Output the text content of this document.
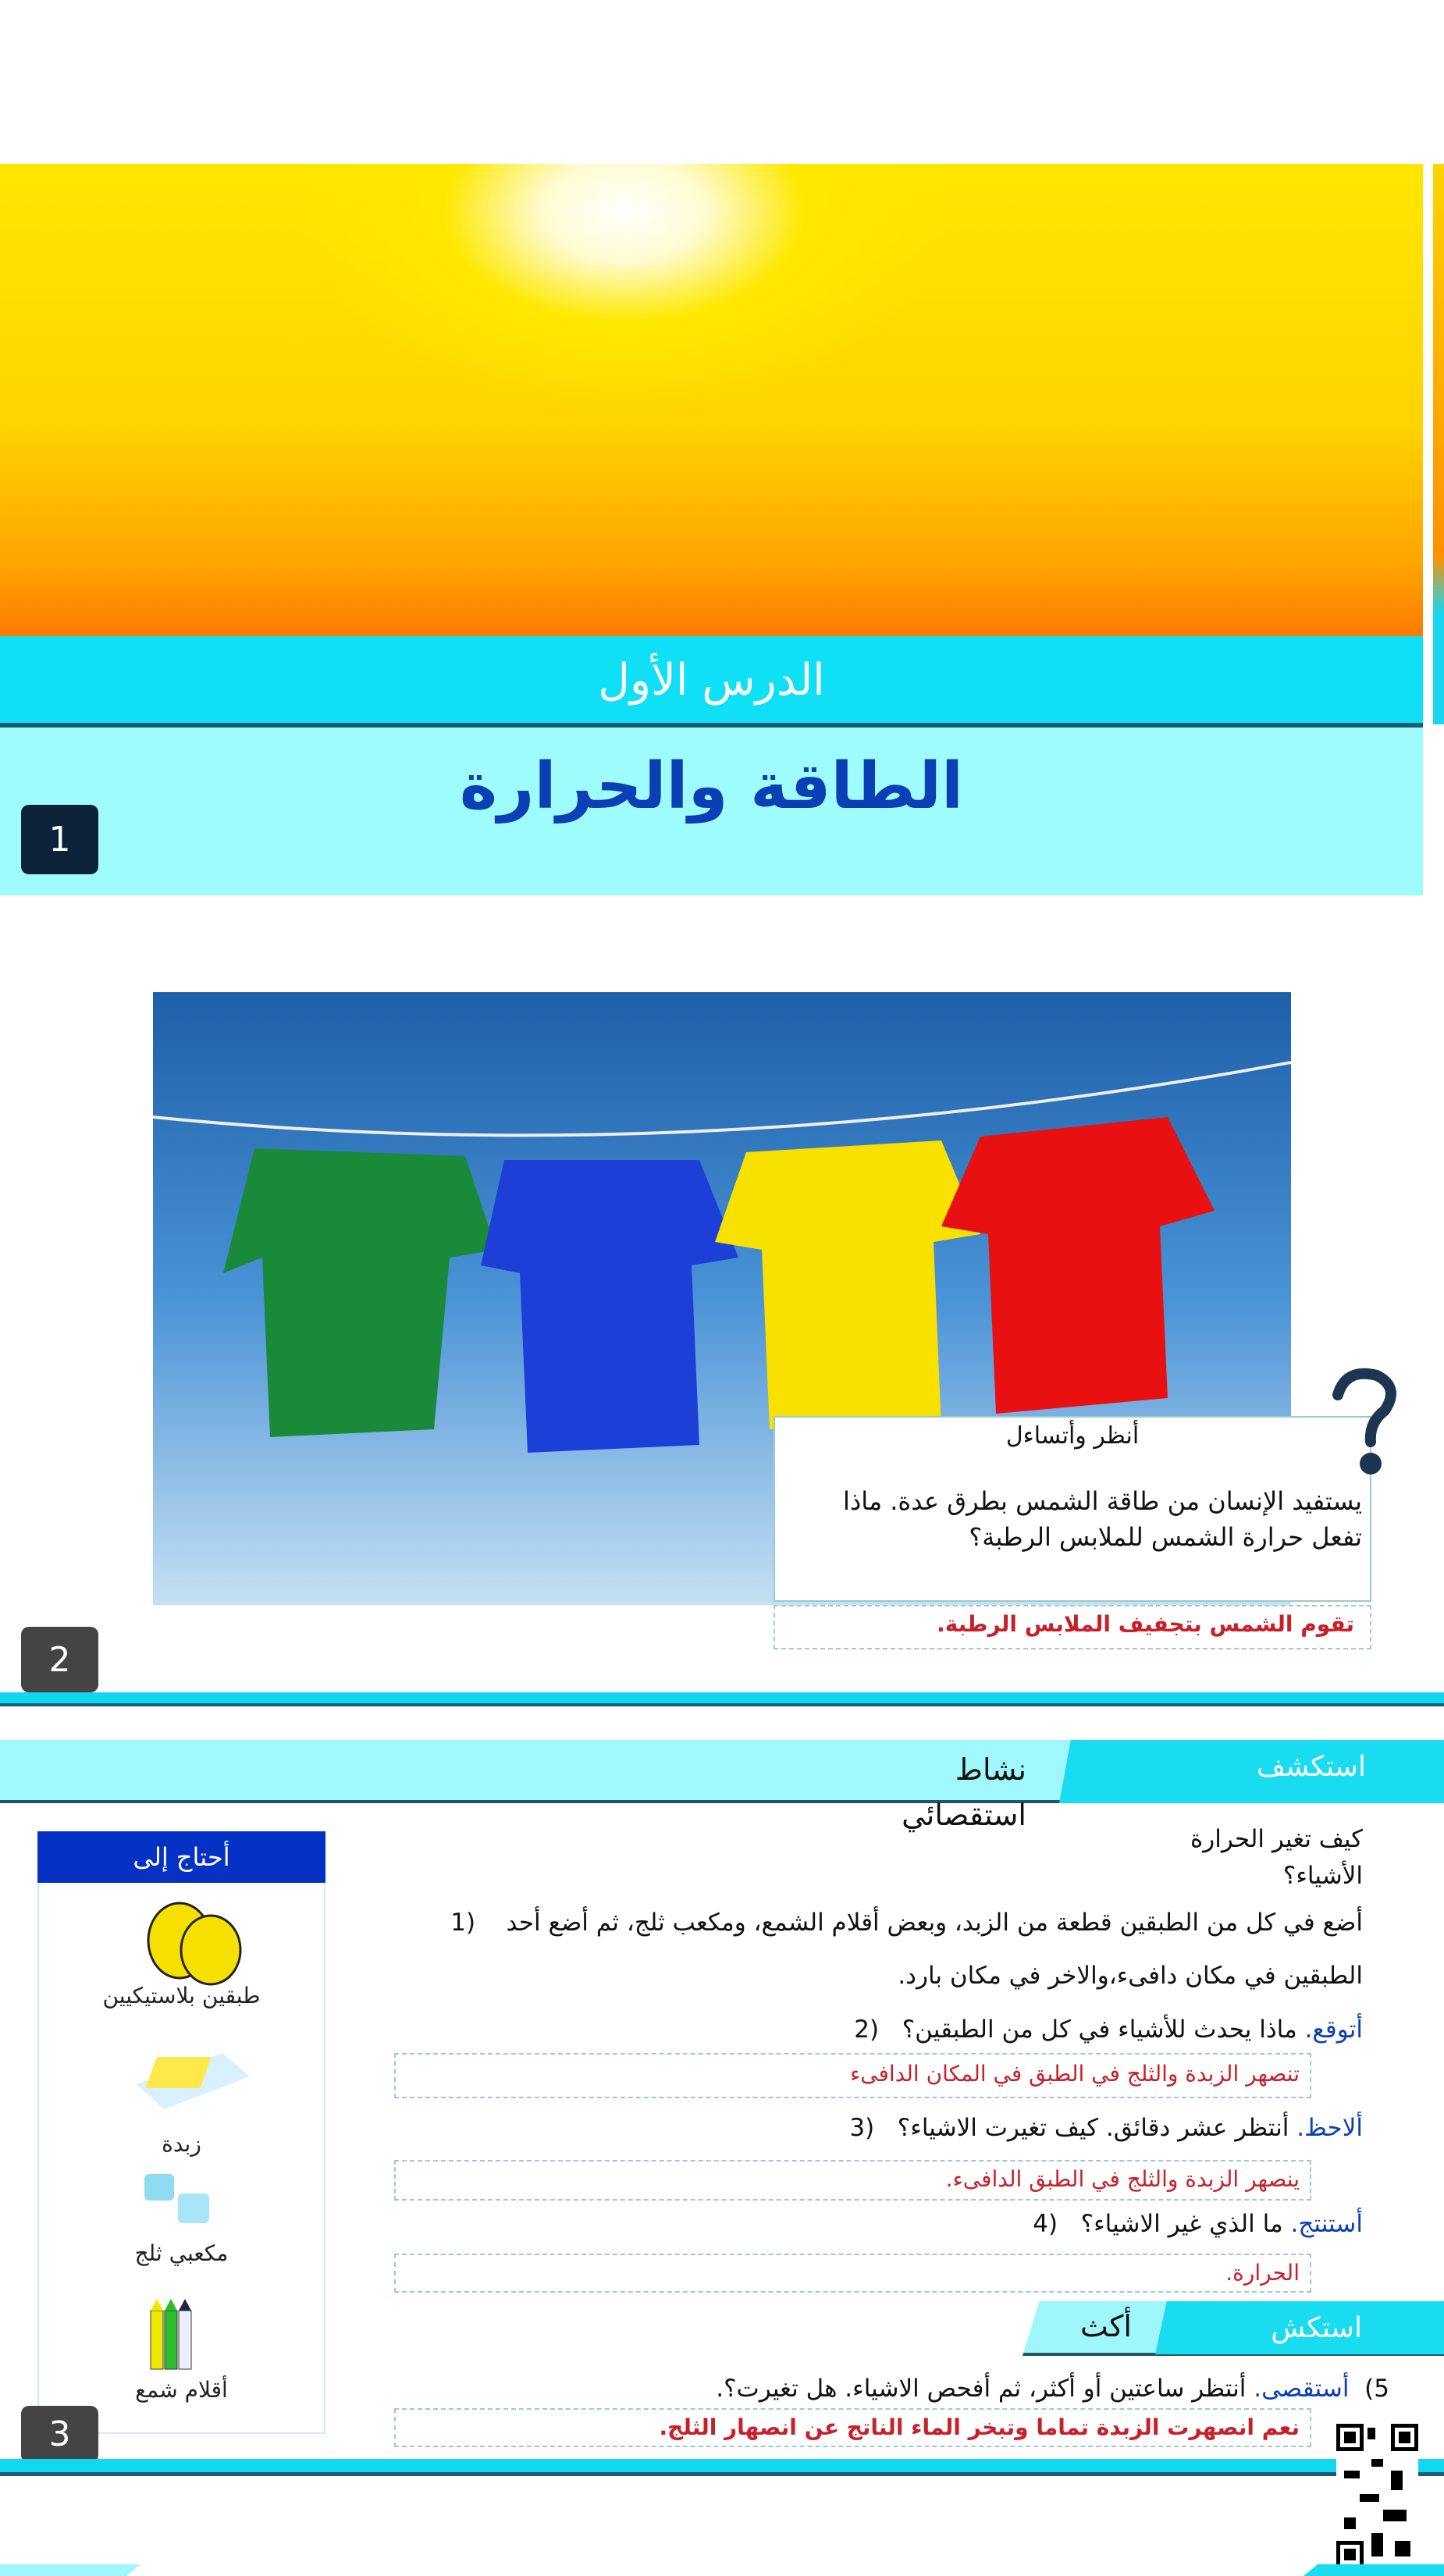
الدرس الأول
الطاقة والحرارة
1
أنظر وأتساءل
يستفيد الإنسان من طاقة الشمس بطرق عدة. ماذا تفعل حرارة الشمس للملابس الرطبة؟
تقوم الشمس بتجفيف الملابس الرطبة.
2
استكشف
نشاط
استقصائي
أحتاج إلى
طبقين بلاستيكيين
زبدة
مكعبي ثلج
أقلام شمع
كيف تغير الحرارة
الأشياء؟
أضع في كل من الطبقين قطعة من الزبد، وبعض أقلام الشمع، ومكعب ثلج، ثم أضع أحد    (1
الطبقين في مكان دافىء،والاخر في مكان بارد.
أتوقع. ماذا يحدث للأشياء في كل من الطبقين؟   (2
تنصهر الزبدة والثلج في الطبق في المكان الدافىء
ألاحظ. أنتظر عشر دقائق. كيف تغيرت الاشياء؟   (3
ينصهر الزبدة والثلج في الطبق الدافىء.
أستنتج. ما الذي غير الاشياء؟   (4
الحرارة.
استكش
أكث
5)  أستقصى. أنتظر ساعتين أو أكثر، ثم أفحص الاشياء. هل تغيرت؟.
نعم انصهرت الزبدة تماما وتبخر الماء الناتج عن انصهار الثلج.
3
